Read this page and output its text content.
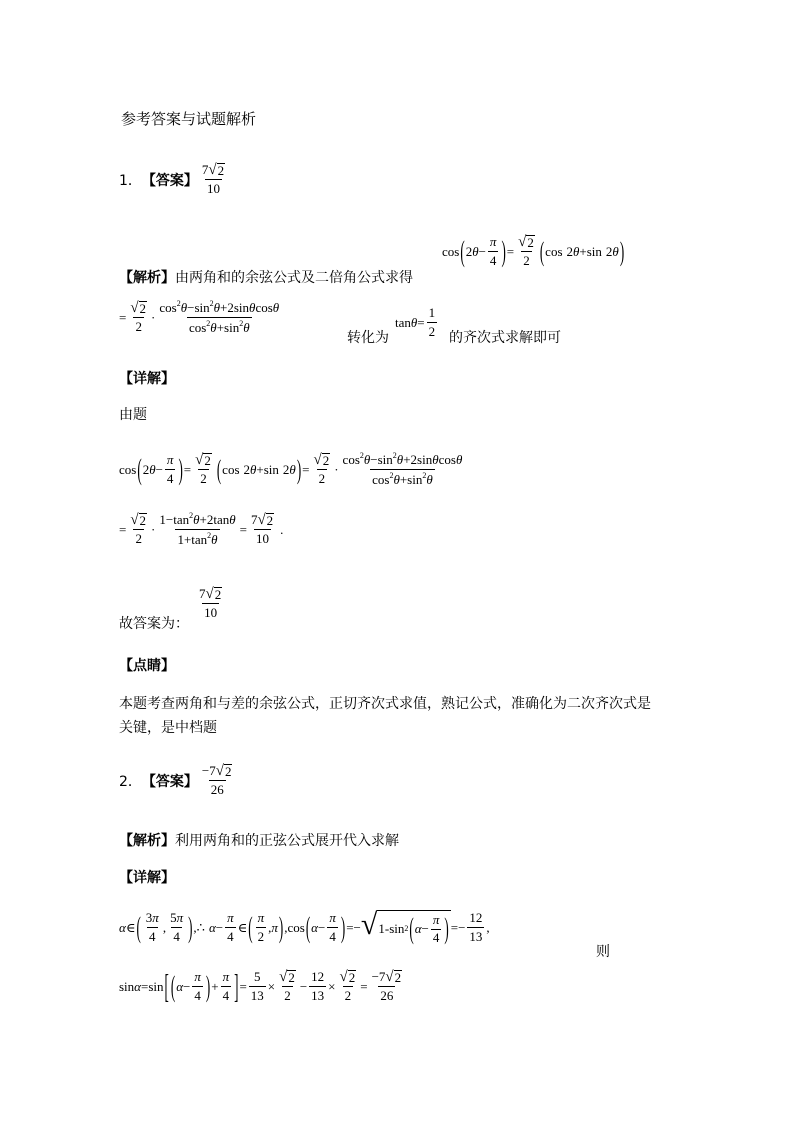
参考答案与试题解析
1． 【答案】
7 √ 2
10
【解析】由两角和的余弦公式及二倍角公式求得
cos ( 2 $\theta - \frac{\pi}{4}$ ) = $\frac{√ 2}{2}$ ( cos 2 θ + sin 2 θ )
= $\frac{√ 2}{2}$ ·
$\cos^2\theta-\sin^2\theta+2\sin\theta\cos\theta$
$\cos^2\theta+\sin^2\theta$
转化为
$\tan \theta = \frac{1}{2}$ 的齐次式求解即可
【详解】
由题
cos ( 2 $\theta - \frac{\pi}{4}$ ) = $\frac{√ 2}{2}$ ( cos 2 θ +sin 2 θ ) = $\frac{√ 2}{2}$ ·
$\cos^2\theta-\sin^2\theta+2\sin\theta\cos\theta$
$\cos^2\theta+\sin^2\theta$
= $\frac{√ 2}{2} \cdot \frac{1-\tan^2\theta+2\tan\theta}{1+\tan^2\theta} = \frac{7 √ 2}{10}$ .
故答案为：
7 √ 2
10
【点睛】
本题考查两角和与差的余弦公式，正切齐次式求值，熟记公式，准确化为二次齐次式是
关键，是中档题
2． 【答案】
−7 √ 2
26
【解析】利用两角和的正弦公式展开代入求解
【详解】
α ∈ ( 3π
4
,
5π
4 ) , ∴ $\alpha - \frac{\pi}{4}$ ∈ ( π
2
, π ) , cos ( $\alpha - \frac{\pi}{4}$ ) = − √ 1-sin 2 ( $\alpha - \frac{\pi}{4}$ ) = − $\frac{12}{13}$ ,
则
sin α = sin [ ( $\alpha - \frac{\pi}{4}$ ) + $\frac{\pi}{4}$ ] = $\frac{5}{13} \times \frac{√ 2}{2} - \frac{12}{13} \times \frac{√ 2}{2} = \frac{-7 √ 2}{26}$
